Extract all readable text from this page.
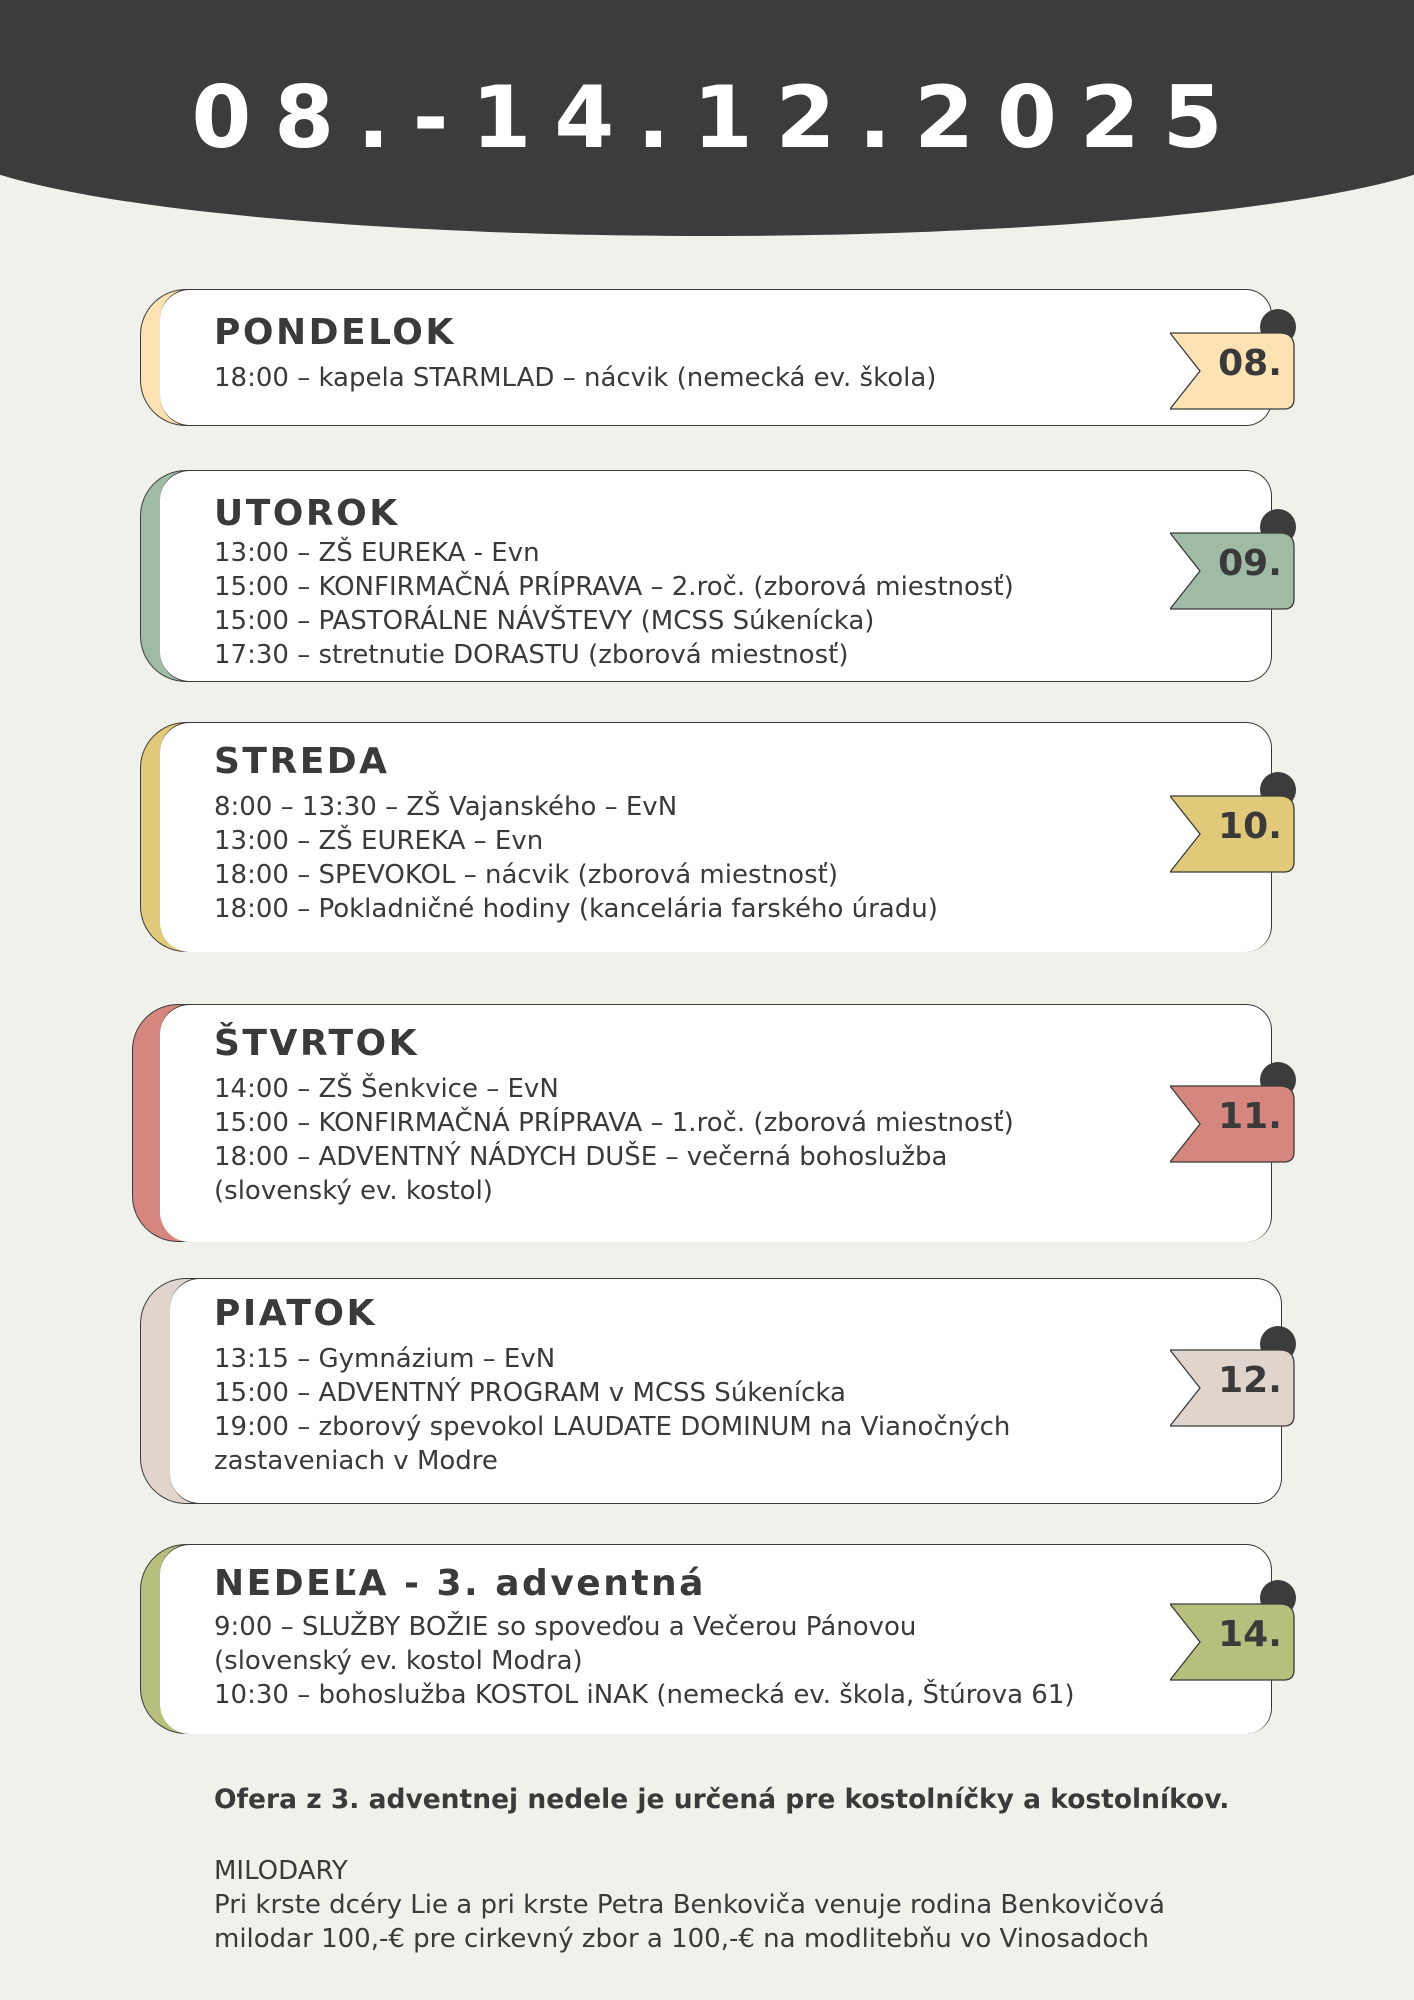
08.-14.12.2025
PONDELOK
18:00 – kapela STARMLAD – nácvik (nemecká ev. škola)	08.
UTOROK
13:00 – ZŠ EUREKA - Evn
15:00 – KONFIRMAČNÁ PRÍPRAVA – 2.roč. (zborová miestnosť)
15:00 – PASTORÁLNE NÁVŠTEVY (MCSS Súkenícka)
17:30 – stretnutie DORASTU (zborová miestnosť)
09.
STREDA
8:00 – 13:30 – ZŠ Vajanského – EvN
13:00 – ZŠ EUREKA – Evn
18:00 – SPEVOKOL – nácvik (zborová miestnosť)
18:00 – Pokladničné hodiny (kancelária farského úradu)
10.
ŠTVRTOK
14:00 – ZŠ Šenkvice – EvN
15:00 – KONFIRMAČNÁ PRÍPRAVA – 1.roč. (zborová miestnosť)
18:00 – ADVENTNÝ NÁDYCH DUŠE – večerná bohoslužba
(slovenský ev. kostol)
11.
PIATOK
13:15 – Gymnázium – EvN
15:00 – ADVENTNÝ PROGRAM v MCSS Súkenícka
19:00 – zborový spevokol LAUDATE DOMINUM na Vianočných
zastaveniach v Modre
12.
NEDEĽA - 3. adventná
9:00 – SLUŽBY BOŽIE so spoveďou a Večerou Pánovou
(slovenský ev. kostol Modra)
10:30 – bohoslužba KOSTOL iNAK (nemecká ev. škola, Štúrova 61)
14.
Ofera z 3. adventnej nedele je určená pre kostolníčky a kostolníkov.
MILODARY
Pri krste dcéry Lie a pri krste Petra Benkoviča venuje rodina Benkovičová
milodar 100,-€ pre cirkevný zbor a 100,-€ na modlitebňu vo Vinosadoch
